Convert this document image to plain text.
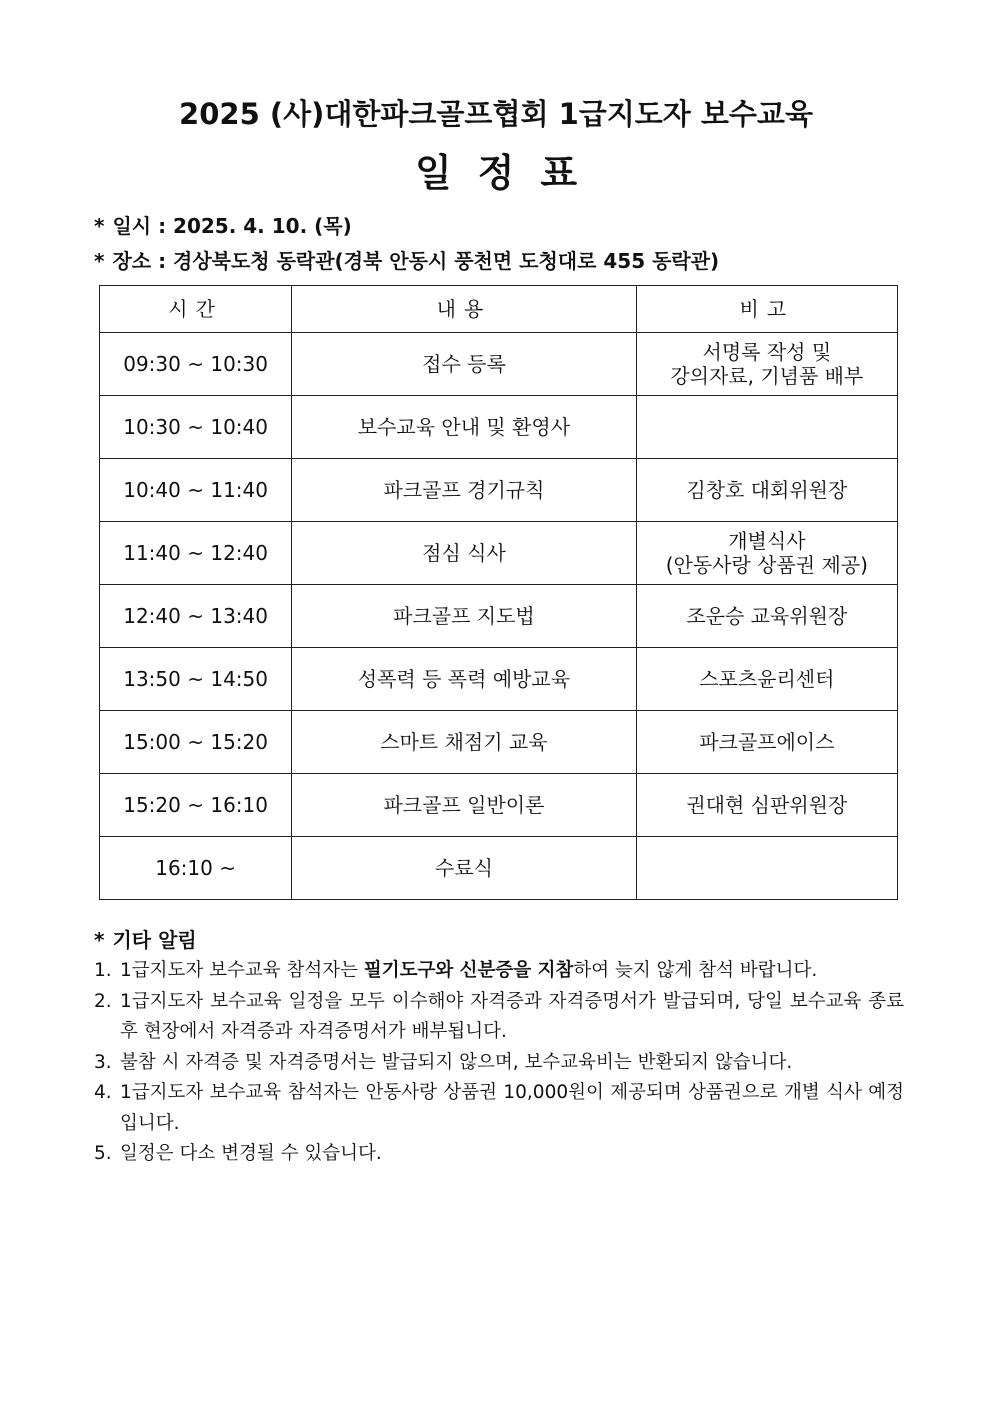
2025 (사)대한파크골프협회 1급지도자 보수교육
일정표
* 일시 : 2025. 4. 10. (목)
* 장소 : 경상북도청 동락관(경북 안동시 풍천면 도청대로 455 동락관)
시간	내용	비고
09:30 ~ 10:30	접수 등록	서명록 작성 및
강의자료, 기념품 배부

10:30 ~ 10:40	보수교육 안내 및 환영사	

10:40 ~ 11:40	파크골프 경기규칙	김창호 대회위원장

11:40 ~ 12:40	점심 식사	개별식사
(안동사랑 상품권 제공)

12:40 ~ 13:40	파크골프 지도법	조운승 교육위원장

13:50 ~ 14:50	성폭력 등 폭력 예방교육	스포츠윤리센터

15:00 ~ 15:20	스마트 채점기 교육	파크골프에이스

15:20 ~ 16:10	파크골프 일반이론	권대현 심판위원장

16:10 ~	수료식	
* 기타 알림
1. 1급지도자 보수교육 참석자는 필기도구와 신분증을 지참하여 늦지 않게 참석 바랍니다.
2. 1급지도자 보수교육 일정을 모두 이수해야 자격증과 자격증명서가 발급되며, 당일 보수교육 종료 후 현장에서 자격증과 자격증명서가 배부됩니다.
3. 불참 시 자격증 및 자격증명서는 발급되지 않으며, 보수교육비는 반환되지 않습니다.
4. 1급지도자 보수교육 참석자는 안동사랑 상품권 10,000원이 제공되며 상품권으로 개별 식사 예정입니다.
5. 일정은 다소 변경될 수 있습니다.
